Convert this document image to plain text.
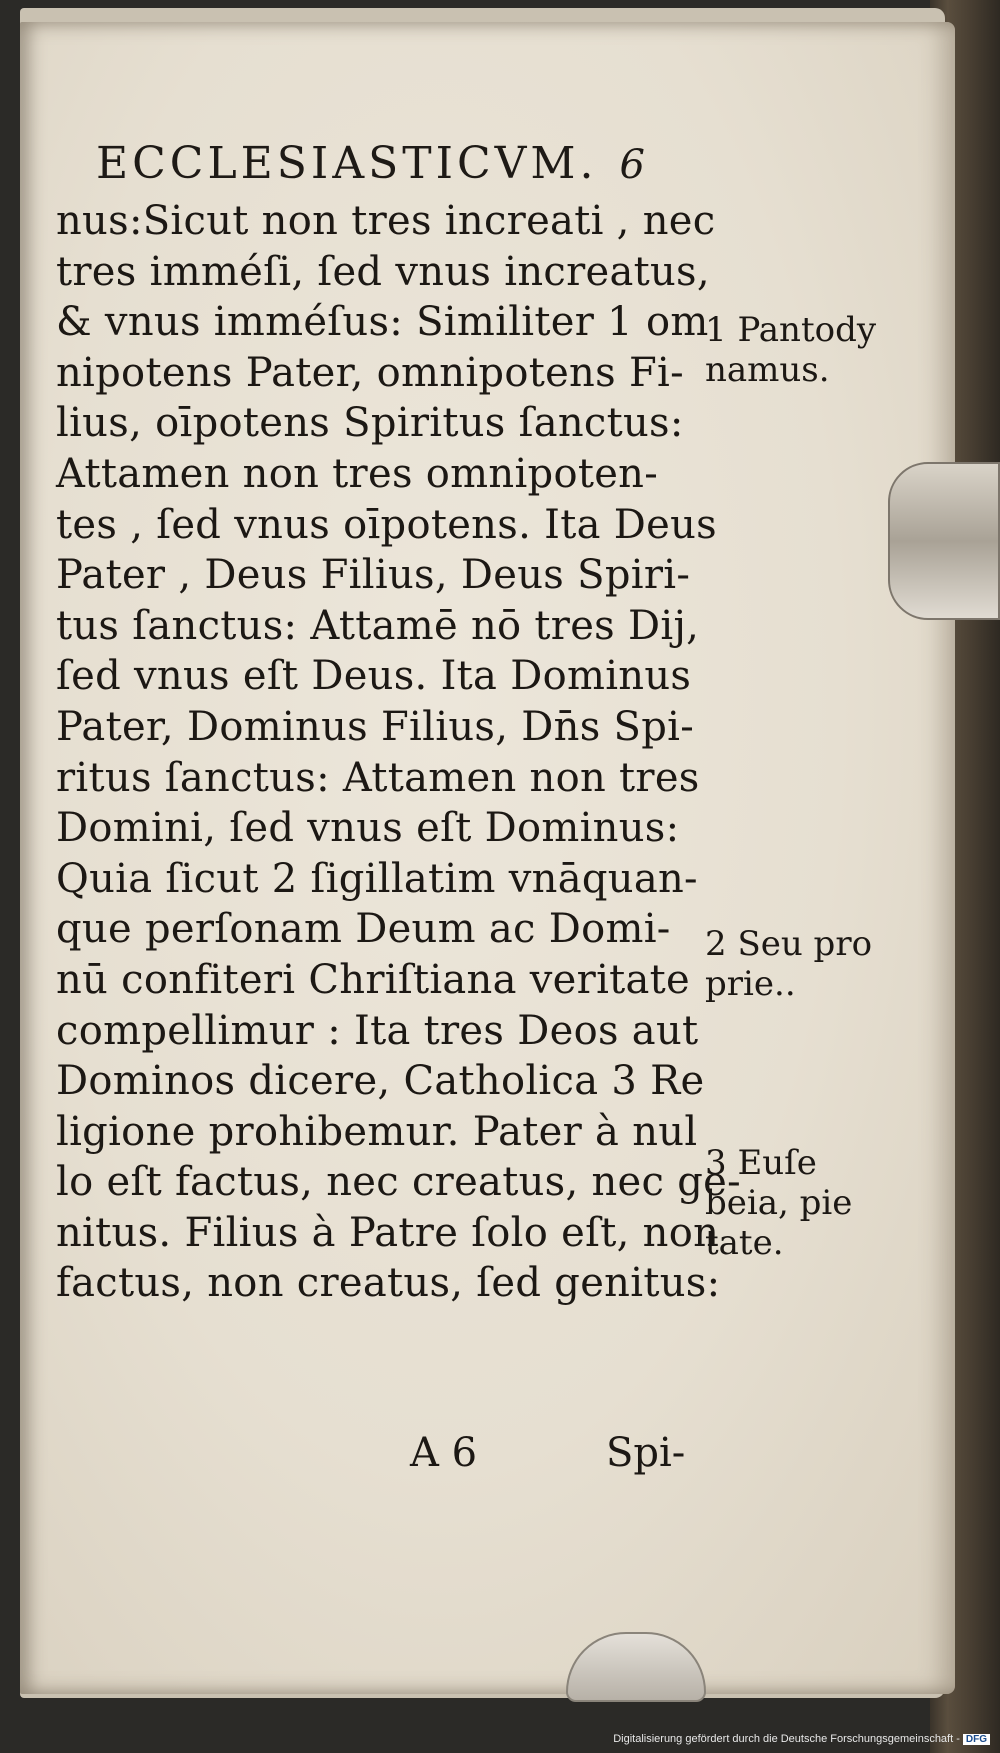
ECCLESIASTICVM. 6
nus:Sicut non tres increati , nec
tres imméſi, ſed vnus increatus,
& vnus imméſus: Similiter 1 om
nipotens Pater, omnipotens Fi-
lius, oīpotens Spiritus ſanctus:
Attamen non tres omnipoten-
tes , ſed vnus oīpotens. Ita Deus
Pater , Deus Filius, Deus Spiri-
tus ſanctus: Attamē nō tres Dij,
ſed vnus eſt Deus. Ita Dominus
Pater, Dominus Filius, Dn̄s Spi-
ritus ſanctus: Attamen non tres
Domini, ſed vnus eſt Dominus:
Quia ſicut 2 ſigillatim vnāquan-
que perſonam Deum ac Domi-
nū confiteri Chriſtiana veritate
compellimur : Ita tres Deos aut
Dominos dicere, Catholica 3 Re
ligione prohibemur. Pater à nul
lo eſt factus, nec creatus, nec ge-
nitus. Filius à Patre ſolo eſt, non
factus, non creatus, ſed genitus:
1 Pantody
namus.
2 Seu pro
prie..
3 Euſe
beia, pie
tate.
A 6	Spi-
Digitalisierung gefördert durch die Deutsche Forschungsgemeinschaft - DFG
